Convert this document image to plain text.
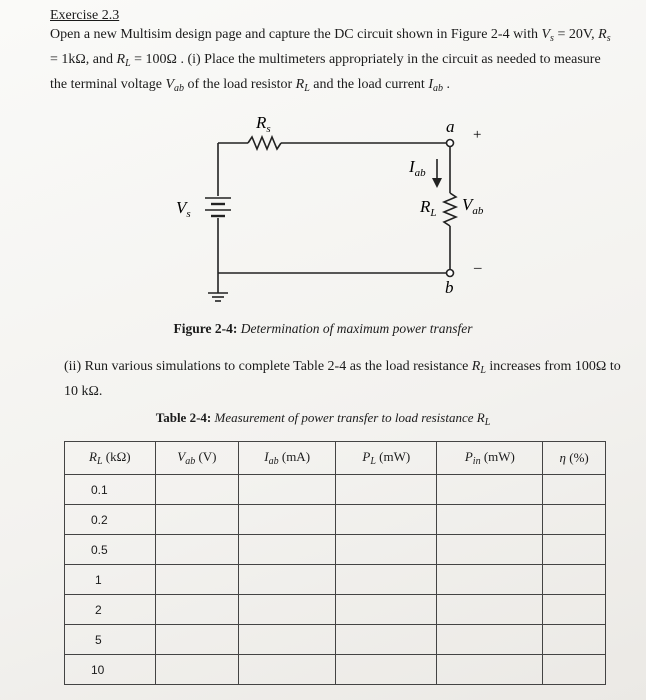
Exercise 2.3

Open a new Multisim design page and capture the DC circuit shown in Figure 2-4 with $V_s = 20V$, $R_s = 1k\Omega$, and $R_L = 100\Omega$ . (i) Place the multimeters appropriately in the circuit as needed to measure the terminal voltage $V_{ab}$ of the load resistor $R_L$ and the load current $I_{ab}$ .

$R_s$
$V_s$
a
b
+
–
$I_{ab}$
$R_L$ $V_{ab}$
Figure 2-4: Determination of maximum power transfer

(ii) Run various simulations to complete Table 2-4 as the load resistance $R_L$ increases from 100Ω to 10 kΩ.

Table 2-4: Measurement of power transfer to load resistance $R_L$
$R_L$ (kΩ)	$V_{ab}$ (V)	$I_{ab}$ (mA)	$P_L$ (mW)	$P_{in}$ (mW)	η (%)
0.1					
0.2					
0.5					
1					
2					
5					
10					
